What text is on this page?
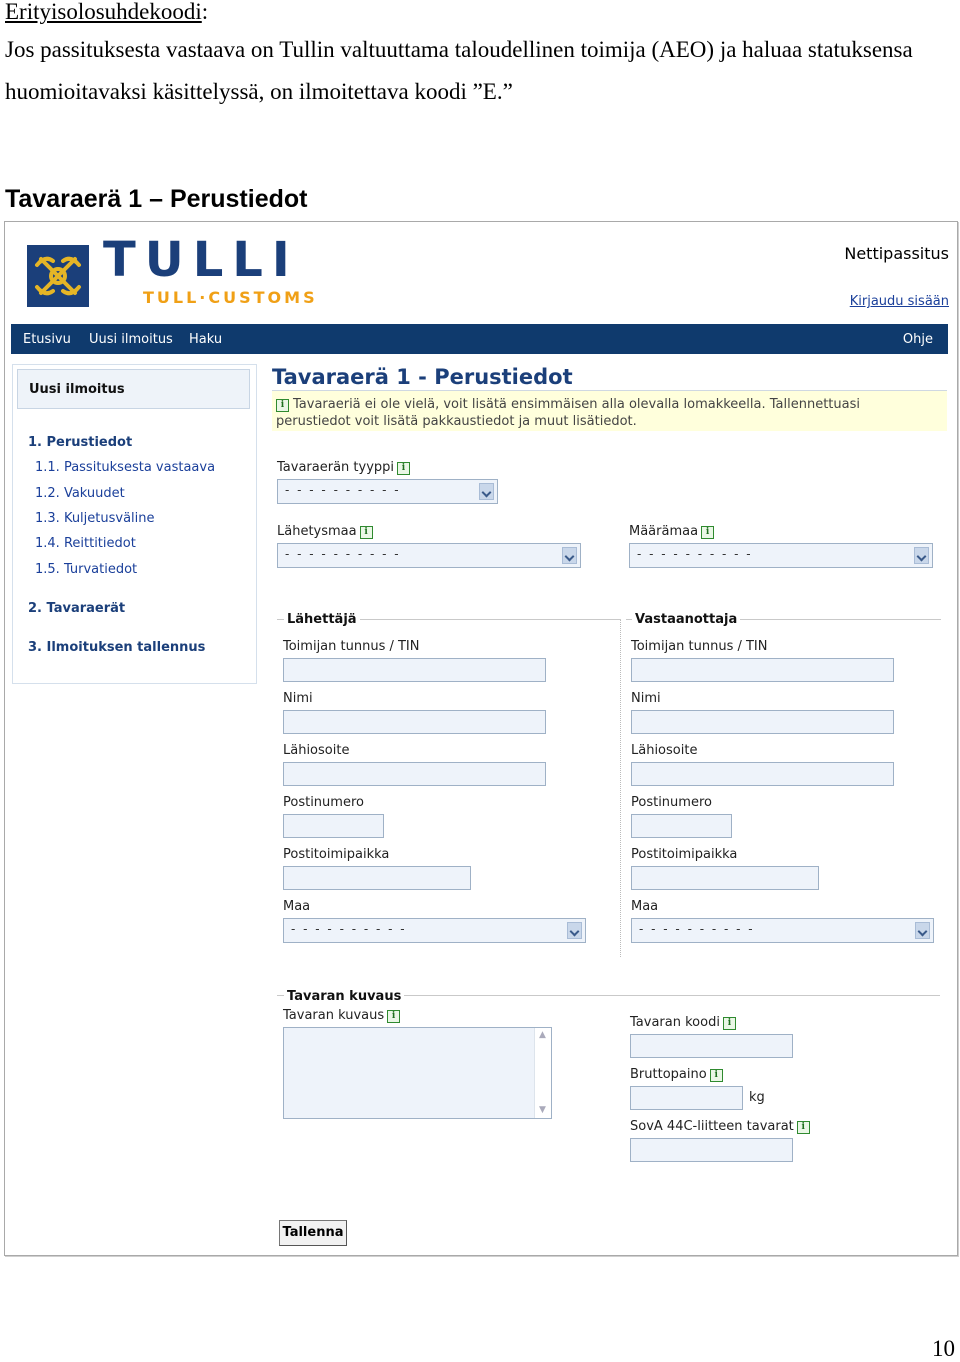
Erityisolosuhdekoodi:
Jos passituksesta vastaava on Tullin valtuuttama taloudellinen toimija (AEO) ja haluaa statuksensa
huomioitavaksi käsittelyssä, on ilmoitettava koodi ”E.”
Tavaraerä 1 – Perustiedot
TULLI
TULL·CUSTOMS
Nettipassitus
Kirjaudu sisään
Etusivu Uusi ilmoitus Haku	Ohje
Uusi ilmoitus
1. Perustiedot
1.1. Passituksesta vastaava
1.2. Vakuudet
1.3. Kuljetusväline
1.4. Reittitiedot
1.5. Turvatiedot
2. Tavaraerät
3. Ilmoituksen tallennus
Tavaraerä 1 - Perustiedot
i Tavaraeriä ei ole vielä, voit lisätä ensimmäisen alla olevalla lomakkeella. Tallennettuasi perustiedot voit lisätä pakkaustiedot ja muut lisätiedot.
Tavaraerän tyyppi i
- - - - - - - - - -
Lähetysmaa i
- - - - - - - - - -
Määrämaa i
- - - - - - - - - -
Lähettäjä
Toimijan tunnus / TIN
Nimi
Lähiosoite
Postinumero
Postitoimipaikka
Maa
- - - - - - - - - -
Vastaanottaja
Toimijan tunnus / TIN
Nimi
Lähiosoite
Postinumero
Postitoimipaikka
Maa
- - - - - - - - - -
Tavaran kuvaus
Tavaran kuvaus i
▲
▼
Tavaran koodi i
Bruttopaino i
kg
SovA 44C-liitteen tavarat i
Tallenna
10
